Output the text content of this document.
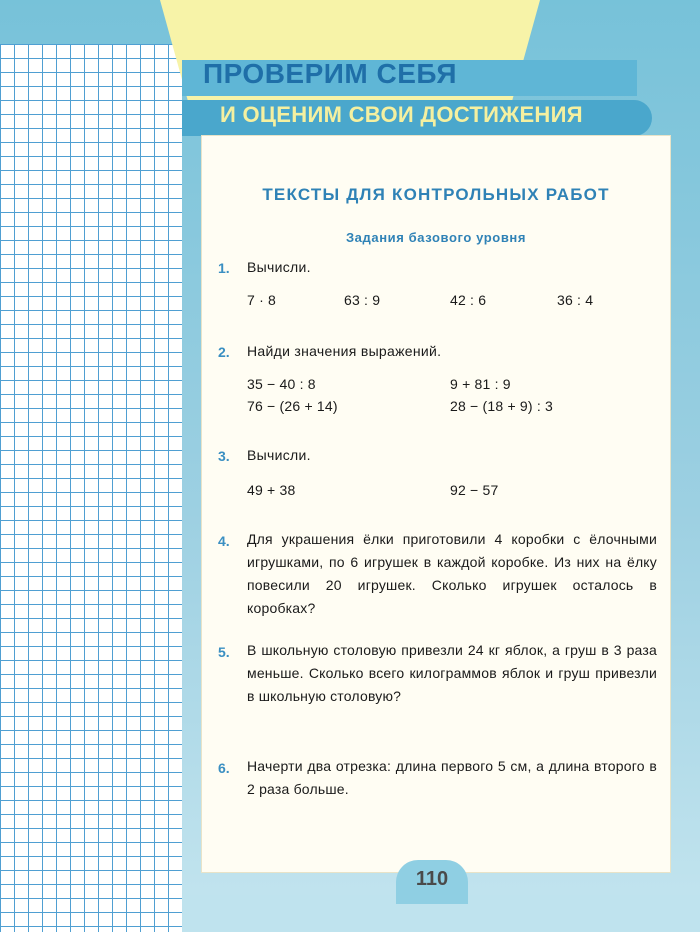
ПРОВЕРИМ СЕБЯ
И ОЦЕНИМ СВОИ ДОСТИЖЕНИЯ
ТЕКСТЫ ДЛЯ КОНТРОЛЬНЫХ РАБОТ
Задания базового уровня
1. Вычисли.
7 · 8	63 : 9	42 : 6	36 : 4
2. Найди значения выражений.
35 − 40 : 8	9 + 81 : 9
76 − (26 + 14)	28 − (18 + 9) : 3
3. Вычисли.
49 + 38	92 − 57
4. Для украшения ёлки приготовили 4 коробки с ёлочными игрушками, по 6 игрушек в каждой коробке. Из них на ёлку повесили 20 игрушек. Сколько игрушек осталось в коробках?
5. В школьную столовую привезли 24 кг яблок, а груш в 3 раза меньше. Сколько всего килограммов яблок и груш привезли в школьную столовую?
6. Начерти два отрезка: длина первого 5 см, а длина второго в 2 раза больше.
110
